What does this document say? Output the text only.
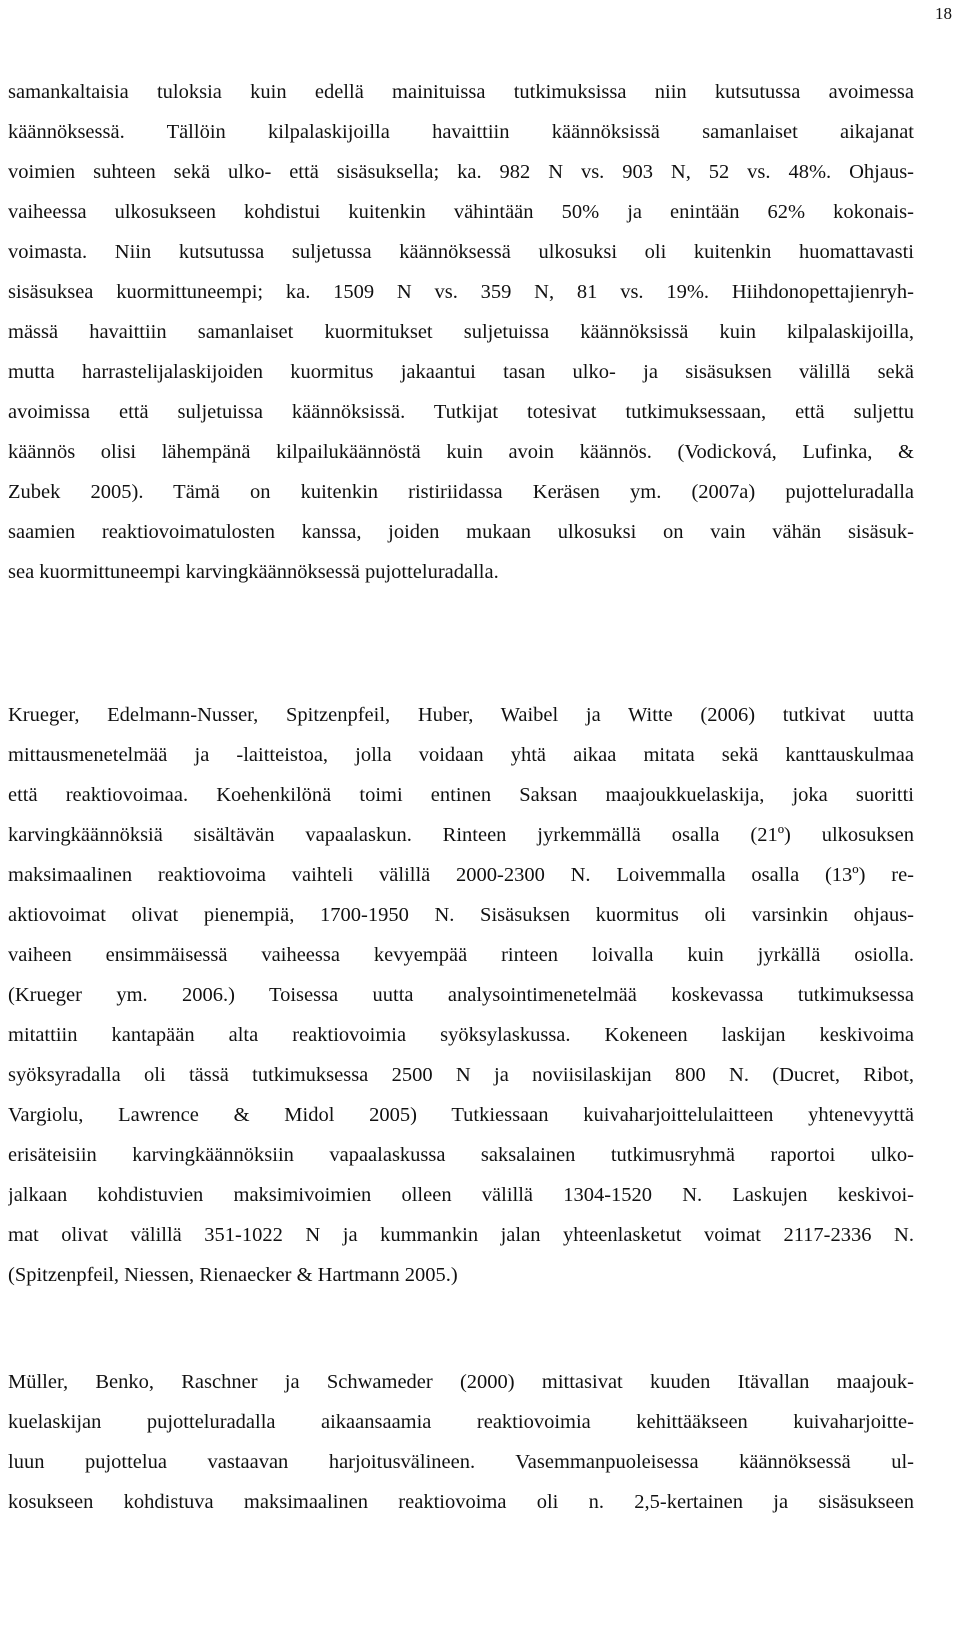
18
samankaltaisia tuloksia kuin edellä mainituissa tutkimuksissa niin kutsutussa avoimessa
käännöksessä. Tällöin kilpalaskijoilla havaittiin käännöksissä samanlaiset aikajanat
voimien suhteen sekä ulko- että sisäsuksella; ka. 982 N vs. 903 N, 52 vs. 48%. Ohjaus-
vaiheessa ulkosukseen kohdistui kuitenkin vähintään 50% ja enintään 62% kokonais-
voimasta. Niin kutsutussa suljetussa käännöksessä ulkosuksi oli kuitenkin huomattavasti
sisäsuksea kuormittuneempi; ka. 1509 N vs. 359 N, 81 vs. 19%. Hiihdonopettajienryh-
mässä havaittiin samanlaiset kuormitukset suljetuissa käännöksissä kuin kilpalaskijoilla,
mutta harrastelijalaskijoiden kuormitus jakaantui tasan ulko- ja sisäsuksen välillä sekä
avoimissa että suljetuissa käännöksissä. Tutkijat totesivat tutkimuksessaan, että suljettu
käännös olisi lähempänä kilpailukäännöstä kuin avoin käännös. (Vodicková, Lufinka, &
Zubek 2005). Tämä on kuitenkin ristiriidassa Keräsen ym. (2007a) pujotteluradalla
saamien reaktiovoimatulosten kanssa, joiden mukaan ulkosuksi on vain vähän sisäsuk-
sea kuormittuneempi karvingkäännöksessä pujotteluradalla.
Krueger, Edelmann-Nusser, Spitzenpfeil, Huber, Waibel ja Witte (2006) tutkivat uutta
mittausmenetelmää ja -laitteistoa, jolla voidaan yhtä aikaa mitata sekä kanttauskulmaa
että reaktiovoimaa. Koehenkilönä toimi entinen Saksan maajoukkuelaskija, joka suoritti
karvingkäännöksiä sisältävän vapaalaskun. Rinteen jyrkemmällä osalla (21º) ulkosuksen
maksimaalinen reaktiovoima vaihteli välillä 2000-2300 N. Loivemmalla osalla (13º) re-
aktiovoimat olivat pienempiä, 1700-1950 N. Sisäsuksen kuormitus oli varsinkin ohjaus-
vaiheen ensimmäisessä vaiheessa kevyempää rinteen loivalla kuin jyrkällä osiolla.
(Krueger ym. 2006.) Toisessa uutta analysointimenetelmää koskevassa tutkimuksessa
mitattiin kantapään alta reaktiovoimia syöksylaskussa. Kokeneen laskijan keskivoima
syöksyradalla oli tässä tutkimuksessa 2500 N ja noviisilaskijan 800 N. (Ducret, Ribot,
Vargiolu, Lawrence & Midol 2005) Tutkiessaan kuivaharjoittelulaitteen yhtenevyyttä
erisäteisiin karvingkäännöksiin vapaalaskussa saksalainen tutkimusryhmä raportoi ulko-
jalkaan kohdistuvien maksimivoimien olleen välillä 1304-1520 N. Laskujen keskivoi-
mat olivat välillä 351-1022 N ja kummankin jalan yhteenlasketut voimat 2117-2336 N.
(Spitzenpfeil, Niessen, Rienaecker & Hartmann 2005.)
Müller, Benko, Raschner ja Schwameder (2000) mittasivat kuuden Itävallan maajouk-
kuelaskijan pujotteluradalla aikaansaamia reaktiovoimia kehittääkseen kuivaharjoitte-
luun pujottelua vastaavan harjoitusvälineen. Vasemmanpuoleisessa käännöksessä ul-
kosukseen kohdistuva maksimaalinen reaktiovoima oli n. 2,5-kertainen ja sisäsukseen
